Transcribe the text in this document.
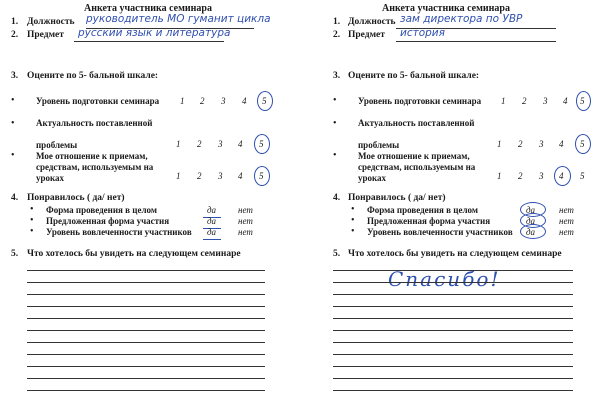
Анкета участника семинара
1. Должность руководитель МО гуманит цикла
2. Предмет русский язык и литература
3. Оцените по 5- бальной шкале:
• Уровень подготовки семинара 1 2 3 4 5
• Актуальность поставленной
проблемы	1 2 3 4 5
• Мое отношение к приемам,
средствам, используемым на
уроках	1 2 3 4 5
4. Понравилось ( да/ нет)
• Форма проведения в целом	да нет
• Предложенная форма участия	да нет
• Уровень вовлеченности участников да нет
5. Что хотелось бы увидеть на следующем семинаре
Анкета участника семинара
1. Должность зам директора по УВР
2. Предмет история
3. Оцените по 5- бальной шкале:
• Уровень подготовки семинара 1 2 3 4 5
• Актуальность поставленной
проблемы	1 2 3 4 5
• Мое отношение к приемам,
средствам, используемым на
уроках	1 2 3 4 5
4. Понравилось ( да/ нет)
• Форма проведения в целом	да	нет
• Предложенная форма участия	да	нет
• Уровень вовлеченности участников да	нет
5. Что хотелось бы увидеть на следующем семинаре
Спасибо!
